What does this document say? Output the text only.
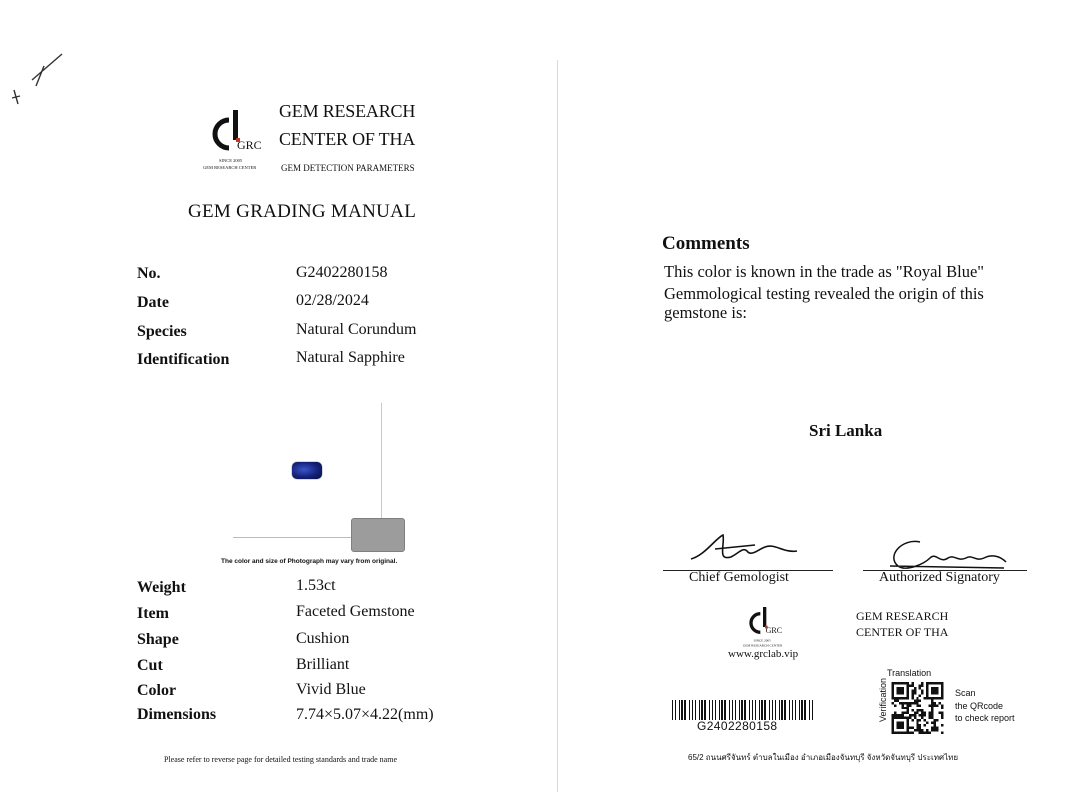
GRC
SINCE 2005
GEM RESEARCH CENTER
GEM RESEARCH
CENTER OF THA
GEM DETECTION PARAMETERS
GEM GRADING MANUAL
No.	G2402280158
Date	02/28/2024
Species	Natural Corundum
Identification	Natural Sapphire
The color and size of Photograph may vary from original.
Weight	1.53ct
Item	Faceted Gemstone
Shape	Cushion
Cut	Brilliant
Color	Vivid Blue
Dimensions	7.74×5.07×4.22(mm)
Please refer to reverse page for detailed testing standards and trade name
Comments
This color is known in the trade as "Royal Blue"
Gemmological testing revealed the origin of this
gemstone is:
Sri Lanka
Chief Gemologist	Authorized Signatory
GRC
SINCE 2005
GEM RESEARCH CENTER
www.grclab.vip
GEM RESEARCH
CENTER OF THA
G2402280158
Translation
Verification	Scan
the QRcode
to check report
65/2 ถนนศรีจันทร์ ตำบลในเมือง อำเภอเมืองจันทบุรี จังหวัดจันทบุรี ประเทศไทย
